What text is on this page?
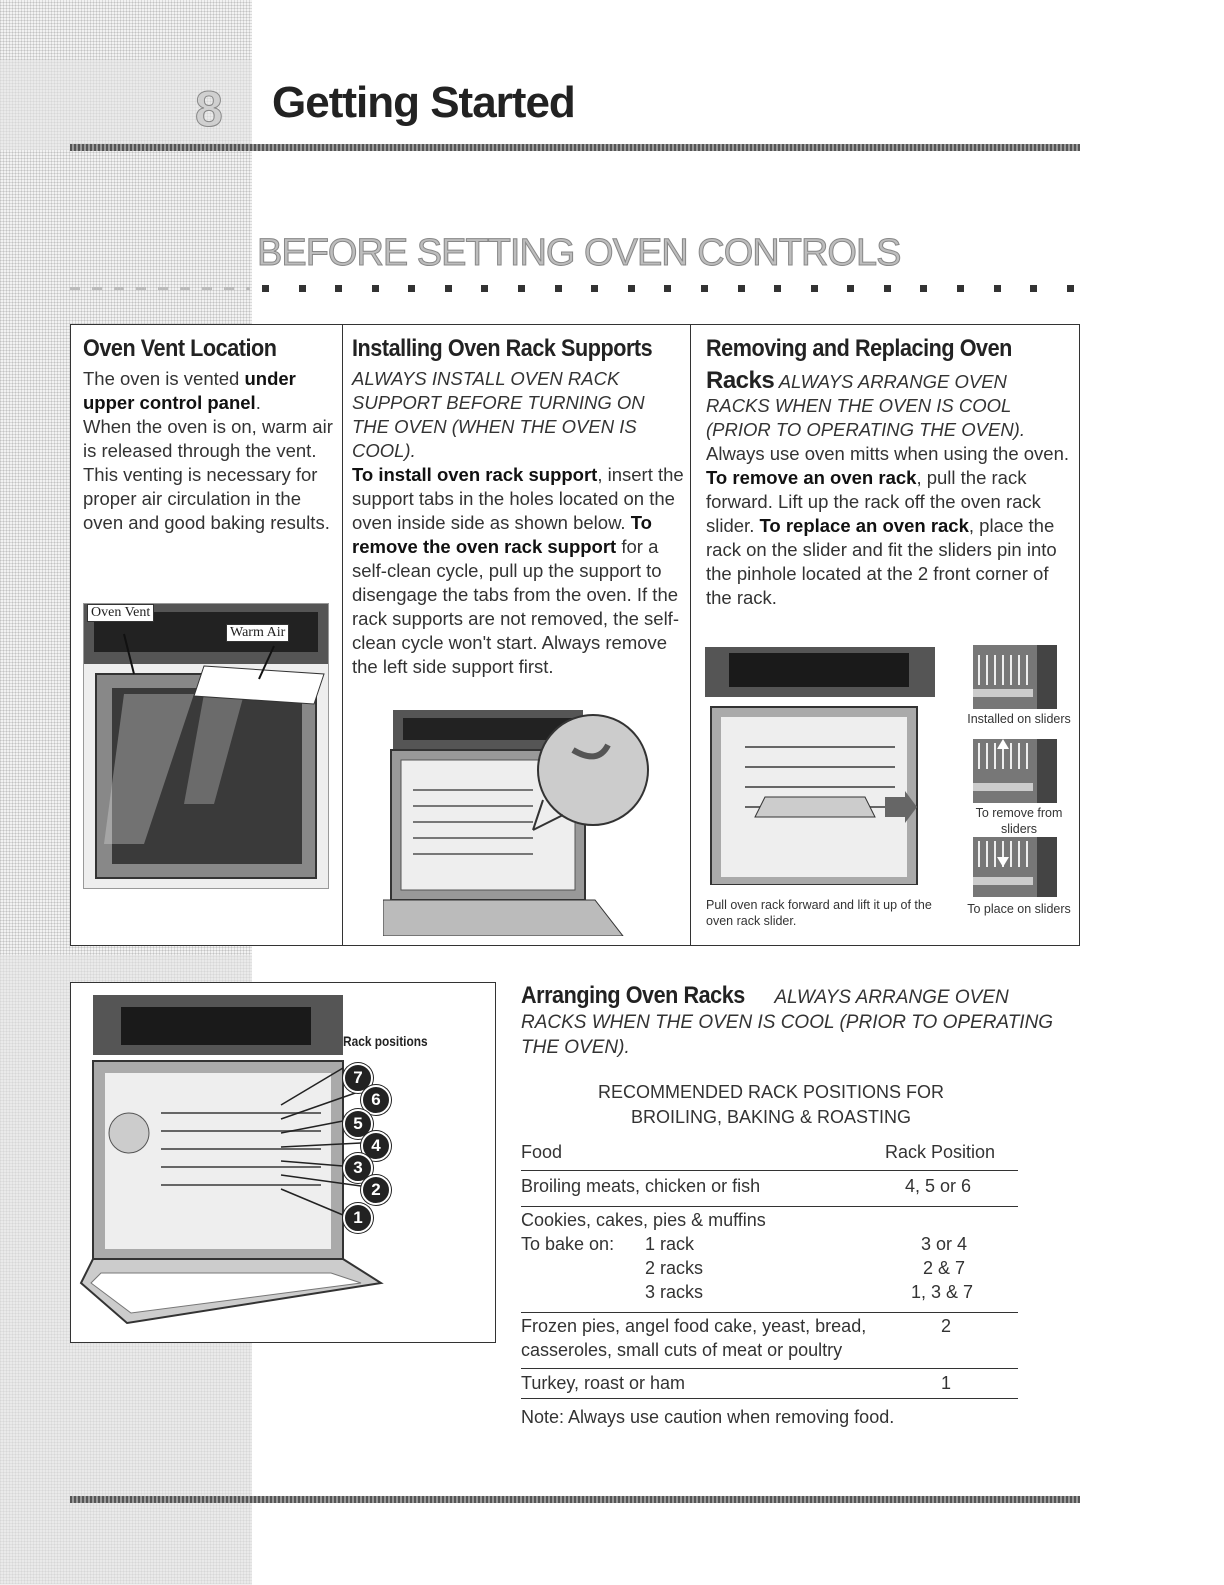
8 Getting Started
BEFORE SETTING OVEN CONTROLS
Oven Vent Location
The oven is vented under upper control panel.
When the oven is on, warm air is released through the vent. This venting is necessary for proper air circulation in the oven and good baking results.
Oven Vent
Warm Air
Installing Oven Rack Supports
ALWAYS INSTALL OVEN RACK SUPPORT BEFORE TURNING ON THE OVEN (WHEN THE OVEN IS COOL).
To install oven rack support, insert the support tabs in the holes located on the oven inside side as shown below. To remove the oven rack support for a self-clean cycle, pull up the support to disengage the tabs from the oven. If the rack supports are not removed, the self-clean cycle won't start. Always remove the left side support first.
Removing and Replacing Oven
Racks ALWAYS ARRANGE OVEN RACKS WHEN THE OVEN IS COOL (PRIOR TO OPERATING THE OVEN).
Always use oven mitts when using the oven.
To remove an oven rack, pull the rack forward. Lift up the rack off the oven rack slider. To replace an oven rack, place the rack on the slider and fit the sliders pin into the pinhole located at the 2 front corner of the rack.
Installed on sliders
To remove from sliders
To place on sliders
Pull oven rack forward and lift it up of the oven rack slider.
Rack positions
7
6
5
4
3
2
1
Arranging Oven Racks ALWAYS ARRANGE OVEN
RACKS WHEN THE OVEN IS COOL (PRIOR TO OPERATING
THE OVEN).
RECOMMENDED RACK POSITIONS FOR
BROILING, BAKING & ROASTING
Food	Rack Position
Broiling meats, chicken or fish	4, 5 or 6
Cookies, cakes, pies & muffins
To bake on: 1 rack	3 or 4
2 racks	2 & 7
3 racks	1, 3 & 7
Frozen pies, angel food cake, yeast, bread,	2
casseroles, small cuts of meat or poultry
Turkey, roast or ham	1
Note: Always use caution when removing food.
